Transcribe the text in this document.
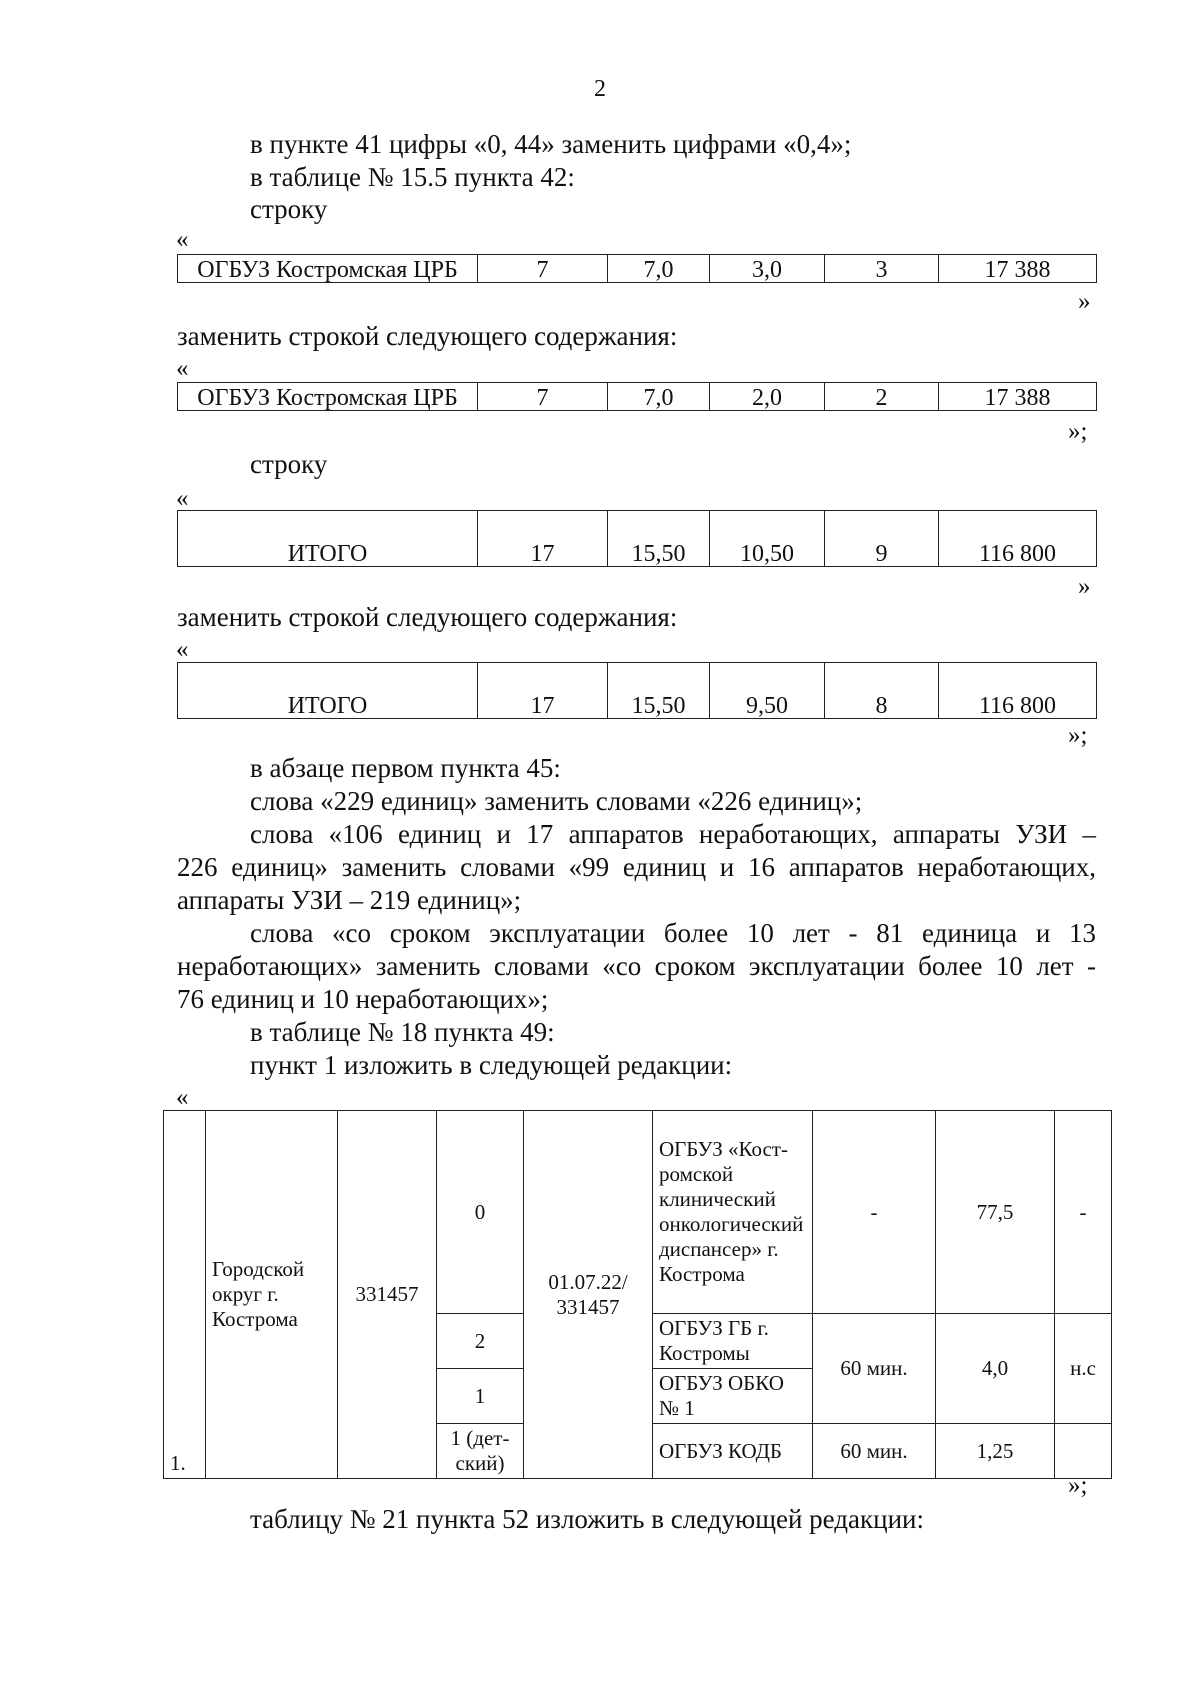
2
в пункте 41 цифры «0, 44» заменить цифрами «0,4»;
в таблице № 15.5 пункта 42:
строку
«
ОГБУЗ Костромская ЦРБ	7	7,0	3,0	3	17 388
»
заменить строкой следующего содержания:
«
ОГБУЗ Костромская ЦРБ	7	7,0	2,0	2	17 388
»;
строку
«
ИТОГО	17	15,50	10,50	9	116 800
»
заменить строкой следующего содержания:
«
ИТОГО	17	15,50	9,50	8	116 800
»;
в абзаце первом пункта 45:
слова «229 единиц» заменить словами «226 единиц»;
слова «106 единиц и 17 аппаратов неработающих, аппараты УЗИ –
226 единиц» заменить словами «99 единиц и 16 аппаратов неработающих,
аппараты УЗИ – 219 единиц»;
слова «со сроком эксплуатации более 10 лет - 81 единица и 13
неработающих» заменить словами «со сроком эксплуатации более 10 лет -
76 единиц и 10 неработающих»;
в таблице № 18 пункта 49:
пункт 1 изложить в следующей редакции:
«
1.	Городской округ г. Кострома	331457	0	01.07.22/ 331457	ОГБУЗ «Костромской клинический онкологический диспансер» г. Кострома	-	77,5	-
			2		ОГБУЗ ГБ г. Костромы	60 мин.	4,0	н.с
			1		ОГБУЗ ОБКО № 1			
			1 (детский)		ОГБУЗ КОДБ	60 мин.	1,25	
»;
таблицу № 21 пункта 52 изложить в следующей редакции:
